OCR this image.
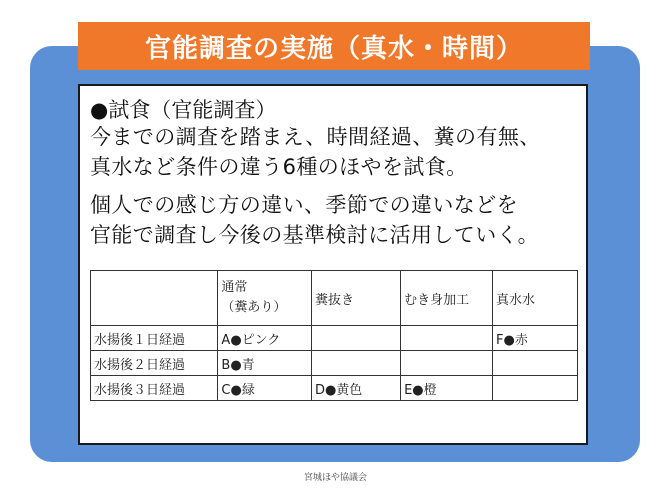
官能調査の実施（真水・時間）
●試食（官能調査）
今までの調査を踏まえ、時間経過、糞の有無、
真水など条件の違う6種のほやを試食。
個人での感じ方の違い、季節での違いなどを
官能で調査し今後の基準検討に活用していく。

	通常
（糞あり）	糞抜き	むき身加工	真水水
水揚後１日経過	A●ピンク			F●赤
水揚後２日経過	B●青			
水揚後３日経過	C●緑	D●黄色	E●橙	
宮城ほや協議会
